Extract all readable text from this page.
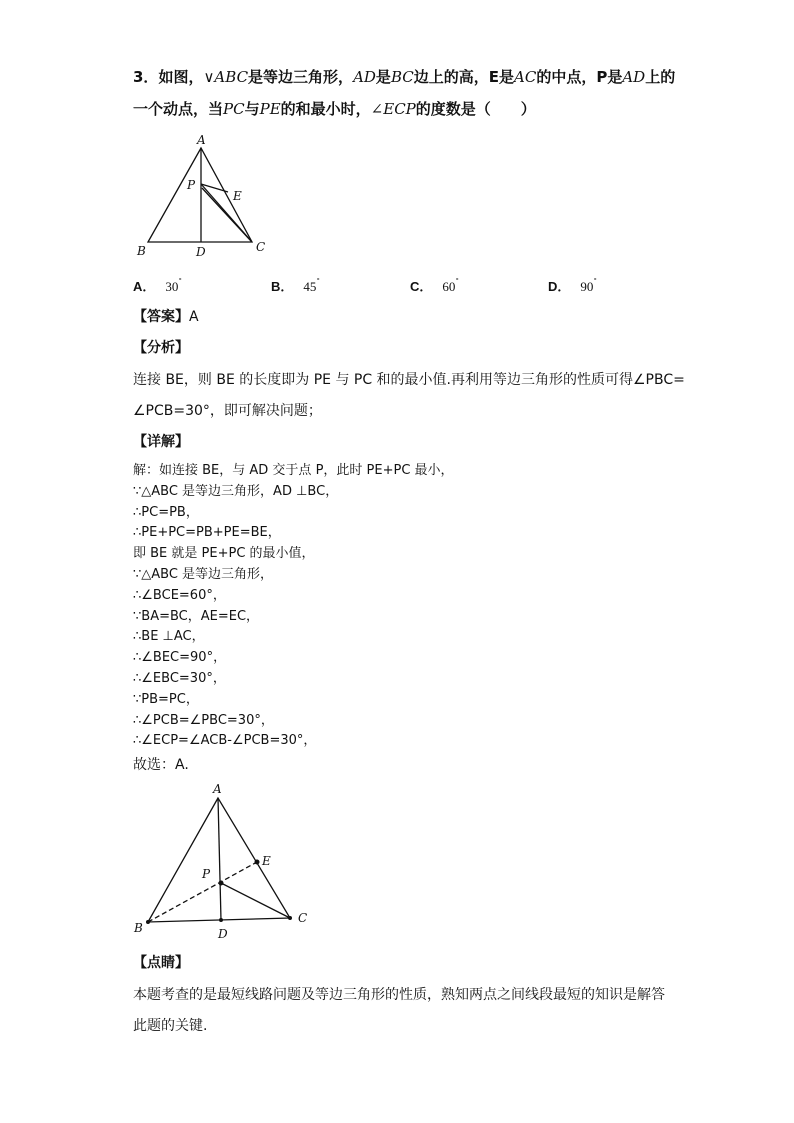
3．如图，∨ABC是等边三角形，AD是BC边上的高，E是AC的中点，P是AD上的
一个动点，当PC与PE的和最小时，∠ECP的度数是（　　）
A
P
E
B	D	C
A． 30˚	B． 45˚	C． 60˚	D． 90˚
【答案】A
【分析】
连接 BE，则 BE 的长度即为 PE 与 PC 和的最小值.再利用等边三角形的性质可得∠PBC=
∠PCB=30°，即可解决问题；
【详解】
解：如连接 BE，与 AD 交于点 P，此时 PE+PC 最小，
∵△ABC 是等边三角形，AD ⊥BC，
∴PC=PB，
∴PE+PC=PB+PE=BE，
即 BE 就是 PE+PC 的最小值，
∵△ABC 是等边三角形，
∴∠BCE=60°，
∵BA=BC，AE=EC，
∴BE ⊥AC，
∴∠BEC=90°，
∴∠EBC=30°，
∵PB=PC，
∴∠PCB=∠PBC=30°，
∴∠ECP=∠ACB-∠PCB=30°，
故选：A.
A
E
P
B	D
C
【点睛】
本题考查的是最短线路问题及等边三角形的性质，熟知两点之间线段最短的知识是解答
此题的关键.
